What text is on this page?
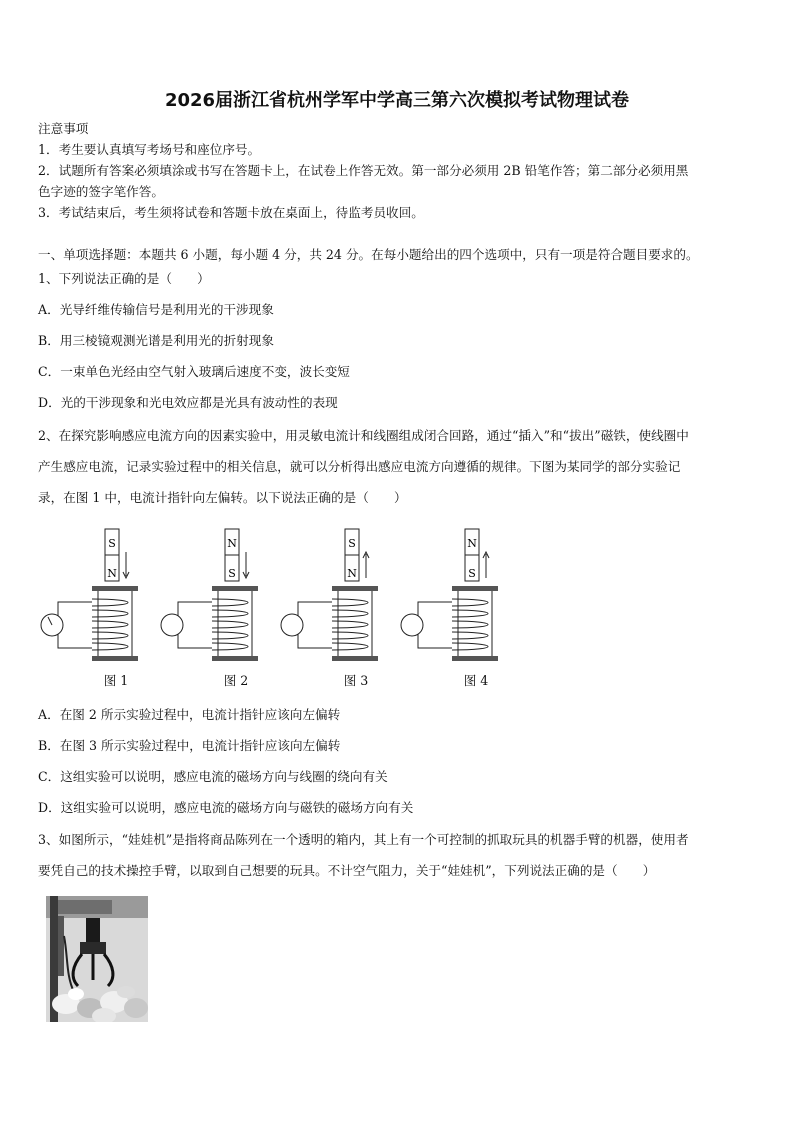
2026届浙江省杭州学军中学高三第六次模拟考试物理试卷
注意事项
1．考生要认真填写考场号和座位序号。
2．试题所有答案必须填涂或书写在答题卡上，在试卷上作答无效。第一部分必须用 2B 铅笔作答；第二部分必须用黑
色字迹的签字笔作答。
3．考试结束后，考生须将试卷和答题卡放在桌面上，待监考员收回。
一、单项选择题：本题共 6 小题，每小题 4 分，共 24 分。在每小题给出的四个选项中，只有一项是符合题目要求的。
1、下列说法正确的是（　　）
A．光导纤维传输信号是利用光的干涉现象
B．用三棱镜观测光谱是利用光的折射现象
C．一束单色光经由空气射入玻璃后速度不变，波长变短
D．光的干涉现象和光电效应都是光具有波动性的表现
2、在探究影响感应电流方向的因素实验中，用灵敏电流计和线圈组成闭合回路，通过“插入”和“拔出”磁铁，使线圈中
产生感应电流，记录实验过程中的相关信息，就可以分析得出感应电流方向遵循的规律。下图为某同学的部分实验记
录，在图 1 中，电流计指针向左偏转。以下说法正确的是（　　）
S
N
图 1
N
S
图 2
S
N
图 3
N
S
图 4
A．在图 2 所示实验过程中，电流计指针应该向左偏转
B．在图 3 所示实验过程中，电流计指针应该向左偏转
C．这组实验可以说明，感应电流的磁场方向与线圈的绕向有关
D．这组实验可以说明，感应电流的磁场方向与磁铁的磁场方向有关
3、如图所示，“娃娃机”是指将商品陈列在一个透明的箱内，其上有一个可控制的抓取玩具的机器手臂的机器，使用者
要凭自己的技术操控手臂，以取到自己想要的玩具。不计空气阻力，关于“娃娃机”，下列说法正确的是（　　）
